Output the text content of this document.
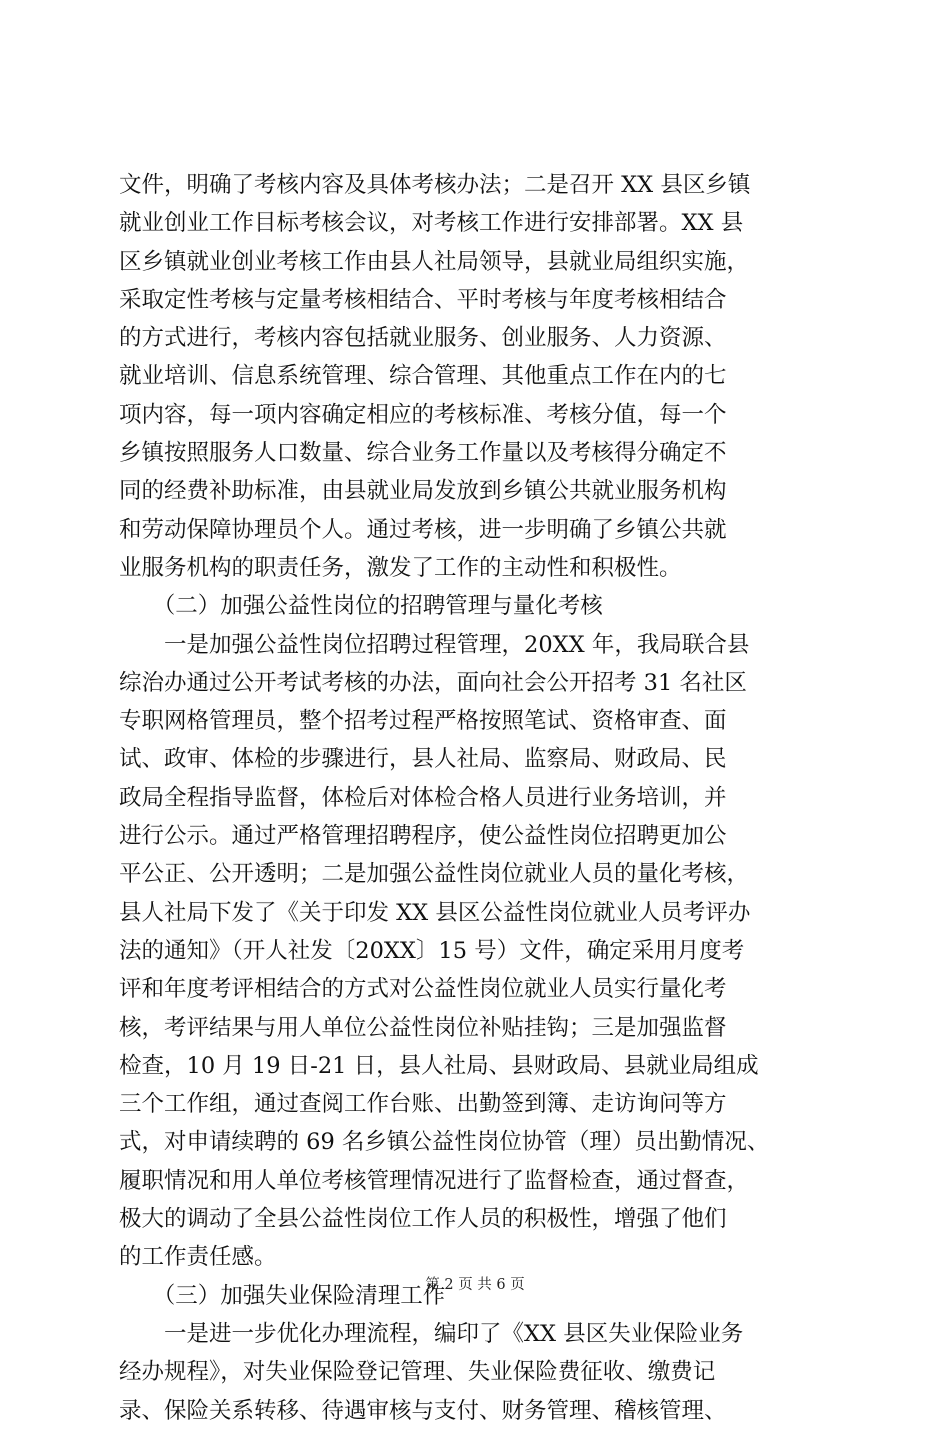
文件，明确了考核内容及具体考核办法；二是召开 XX 县区乡镇
就业创业工作目标考核会议，对考核工作进行安排部署。XX 县
区乡镇就业创业考核工作由县人社局领导，县就业局组织实施，
采取定性考核与定量考核相结合、平时考核与年度考核相结合
的方式进行，考核内容包括就业服务、创业服务、人力资源、
就业培训、信息系统管理、综合管理、其他重点工作在内的七
项内容，每一项内容确定相应的考核标准、考核分值，每一个
乡镇按照服务人口数量、综合业务工作量以及考核得分确定不
同的经费补助标准，由县就业局发放到乡镇公共就业服务机构
和劳动保障协理员个人。通过考核，进一步明确了乡镇公共就
业服务机构的职责任务，激发了工作的主动性和积极性。
　　（二）加强公益性岗位的招聘管理与量化考核
　　一是加强公益性岗位招聘过程管理，20XX 年，我局联合县
综治办通过公开考试考核的办法，面向社会公开招考 31 名社区
专职网格管理员，整个招考过程严格按照笔试、资格审查、面
试、政审、体检的步骤进行，县人社局、监察局、财政局、民
政局全程指导监督，体检后对体检合格人员进行业务培训，并
进行公示。通过严格管理招聘程序，使公益性岗位招聘更加公
平公正、公开透明；二是加强公益性岗位就业人员的量化考核，
县人社局下发了《关于印发 XX 县区公益性岗位就业人员考评办
法的通知》（开人社发〔20XX〕15 号）文件，确定采用月度考
评和年度考评相结合的方式对公益性岗位就业人员实行量化考
核，考评结果与用人单位公益性岗位补贴挂钩；三是加强监督
检查，10 月 19 日-21 日，县人社局、县财政局、县就业局组成
三个工作组，通过查阅工作台账、出勤签到簿、走访询问等方
式，对申请续聘的 69 名乡镇公益性岗位协管（理）员出勤情况、
履职情况和用人单位考核管理情况进行了监督检查，通过督查，
极大的调动了全县公益性岗位工作人员的积极性，增强了他们
的工作责任感。
　　（三）加强失业保险清理工作
　　一是进一步优化办理流程，编印了《XX 县区失业保险业务
经办规程》，对失业保险登记管理、失业保险费征收、缴费记
录、保险关系转移、待遇审核与支付、财务管理、稽核管理、
第 2 页 共 6 页
